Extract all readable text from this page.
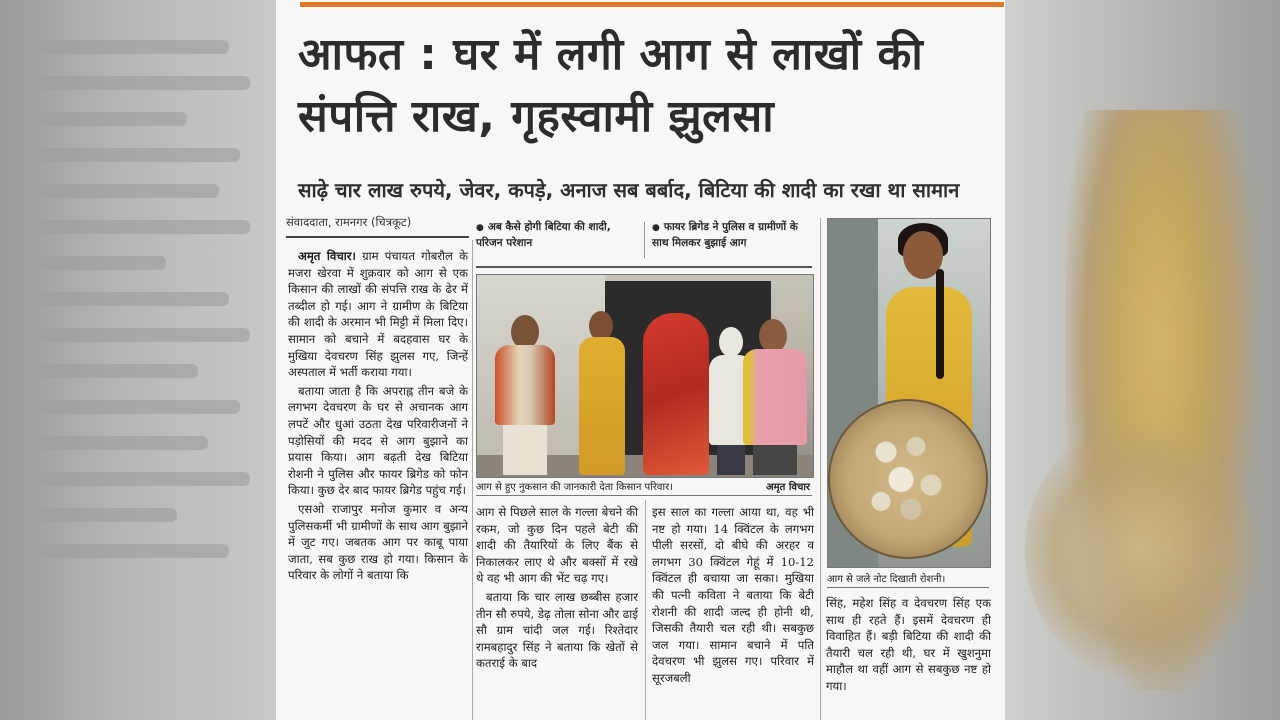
आफत : घर में लगी आग से लाखों की संपत्ति राख, गृहस्वामी झुलसा
साढ़े चार लाख रुपये, जेवर, कपड़े, अनाज सब बर्बाद, बिटिया की शादी का रखा था सामान
संवाददाता, रामनगर (चित्रकूट)

अमृत विचार। ग्राम पंचायत गोबरौल के मजरा खेरवा में शुक्रवार को आग से एक किसान की लाखों की संपत्ति राख के ढेर में तब्दील हो गई। आग ने ग्रामीण के बिटिया की शादी के अरमान भी मिट्टी में मिला दिए। सामान को बचाने में बदहवास घर के मुखिया देवचरण सिंह झुलस गए, जिन्हें अस्पताल में भर्ती कराया गया।

बताया जाता है कि अपराह्न तीन बजे के लगभग देवचरण के घर से अचानक आग लपटें और धुआं उठता देख परिवारीजनों ने पड़ोसियों की मदद से आग बुझाने का प्रयास किया। आग बढ़ती देख बिटिया रोशनी ने पुलिस और फायर ब्रिगेड को फोन किया। कुछ देर बाद फायर ब्रिगेड पहुंच गई।

एसओ राजापुर मनोज कुमार व अन्य पुलिसकर्मी भी ग्रामीणों के साथ आग बुझाने में जुट गए। जबतक आग पर काबू पाया जाता, सब कुछ राख हो गया। किसान के परिवार के लोगों ने बताया कि

● अब कैसे होगी बिटिया की शादी, परिजन परेशान
● फायर ब्रिगेड ने पुलिस व ग्रामीणों के साथ मिलकर बुझाई आग
आग से हुए नुकसान की जानकारी देता किसान परिवार।	अमृत विचार

आग से पिछले साल के गल्ला बेचने की रकम, जो कुछ दिन पहले बेटी की शादी की तैयारियों के लिए बैंक से निकालकर लाए थे और बक्सों में रखे थे वह भी आग की भेंट चढ़ गए।

बताया कि चार लाख छब्बीस हजार तीन सौ रुपये, डेढ़ तोला सोना और ढाई सौ ग्राम चांदी जल गई। रिश्तेदार रामबहादुर सिंह ने बताया कि खेतों से कतराई के बाद

इस साल का गल्ला आया था, वह भी नष्ट हो गया। 14 क्विंटल के लगभग पीली सरसों, दो बीघे की अरहर व लगभग 30 क्विंटल गेहूं में 10-12 क्विंटल ही बचाया जा सका। मुखिया की पत्नी कविता ने बताया कि बेटी रोशनी की शादी जल्द ही होनी थी, जिसकी तैयारी चल रही थी। सबकुछ जल गया। सामान बचाने में पति देवचरण भी झुलस गए। परिवार में सूरजबली

आग से जले नोट दिखाती रोशनी।

सिंह, महेश सिंह व देवचरण सिंह एक साथ ही रहते हैं। इसमें देवचरण ही विवाहित हैं। बड़ी बिटिया की शादी की तैयारी चल रही थी, घर में खुशनुमा माहौल था वहीं आग से सबकुछ नष्ट हो गया।
